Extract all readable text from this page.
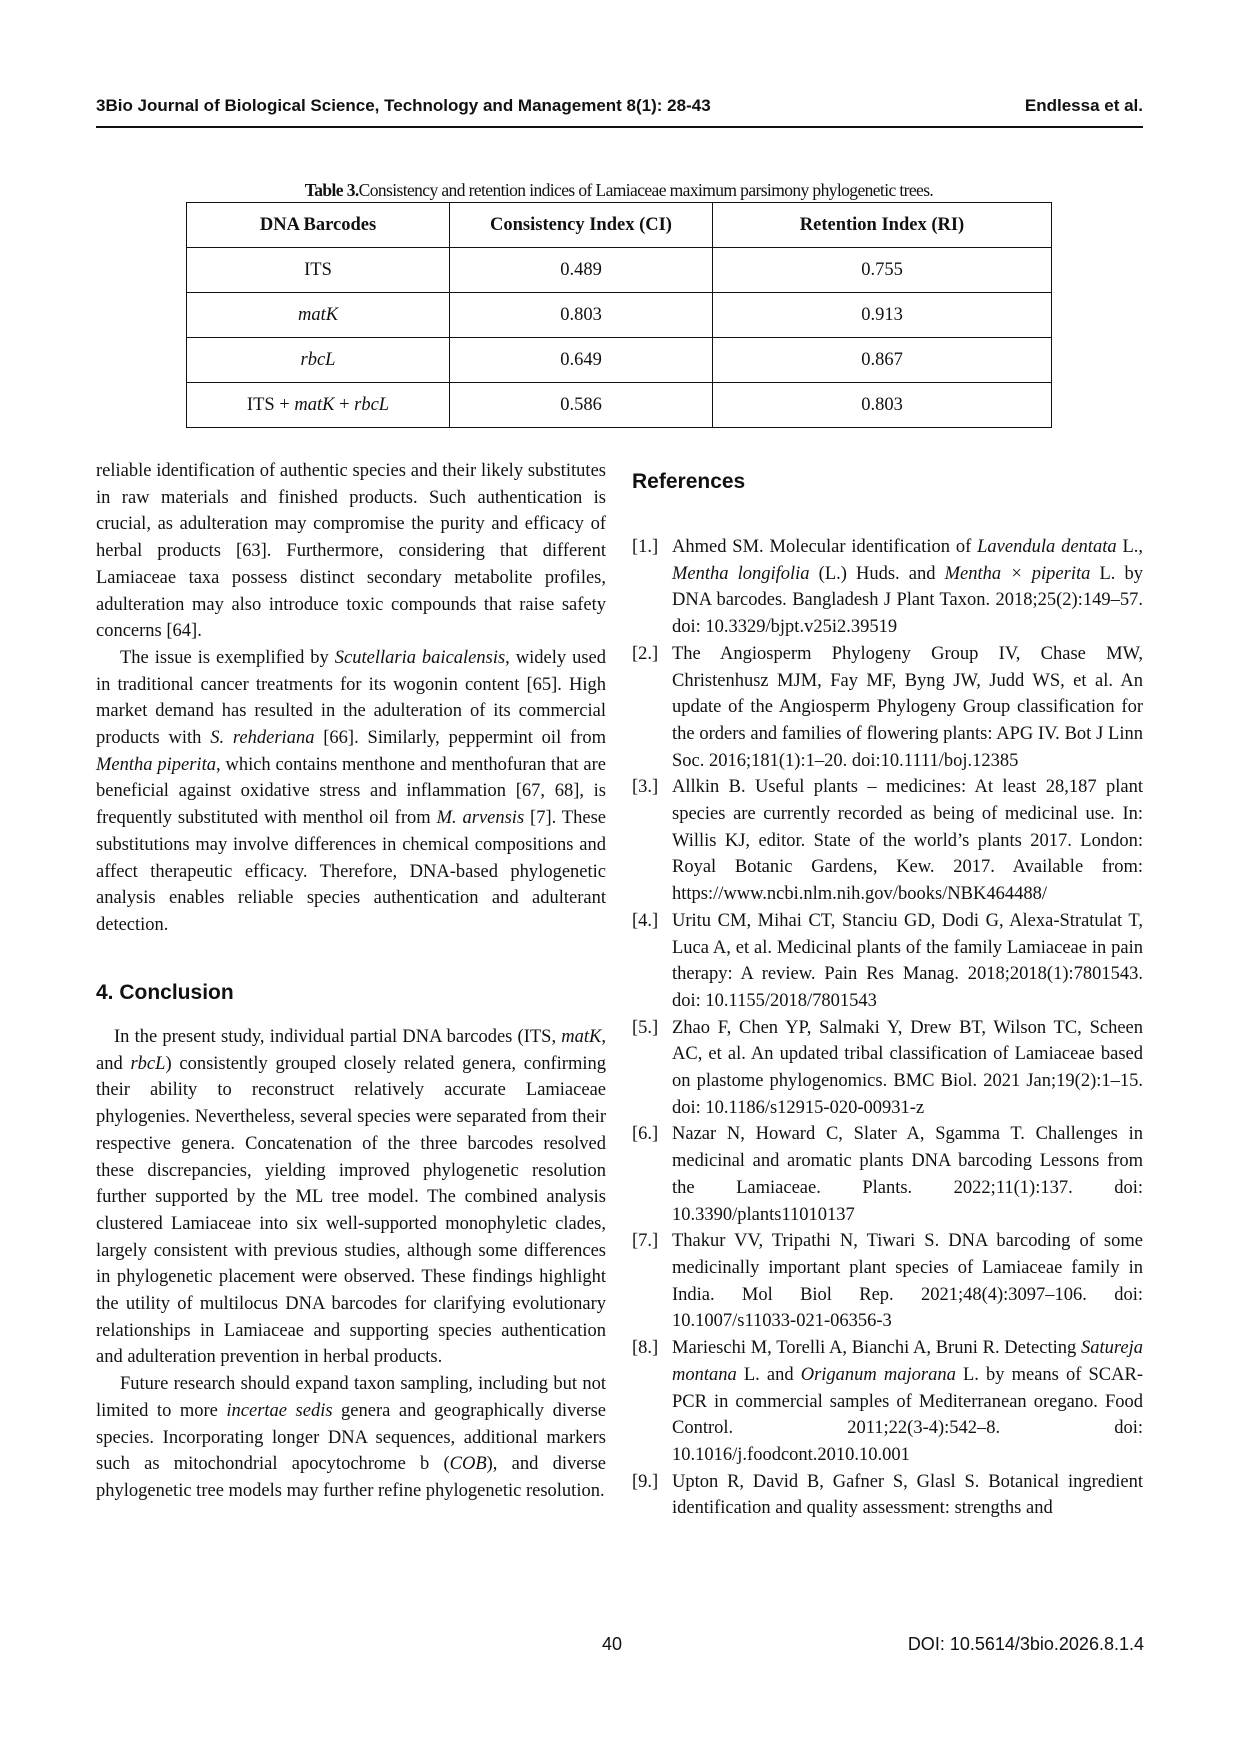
3Bio Journal of Biological Science, Technology and Management 8(1): 28-43	Endlessa et al.
Table 3.Consistency and retention indices of Lamiaceae maximum parsimony phylogenetic trees.
DNA Barcodes	Consistency Index (CI)	Retention Index (RI)
ITS	0.489	0.755
matK	0.803	0.913
rbcL	0.649	0.867
ITS + matK + rbcL	0.586	0.803

reliable identification of authentic species and their likely substitutes in raw materials and finished products. Such authentication is crucial, as adulteration may compromise the purity and efficacy of herbal products [63]. Furthermore, considering that different Lamiaceae taxa possess distinct secondary metabolite profiles, adulteration may also introduce toxic compounds that raise safety concerns [64].

The issue is exemplified by Scutellaria baicalensis, widely used in traditional cancer treatments for its wogonin content [65]. High market demand has resulted in the adulteration of its commercial products with S. rehderiana [66]. Similarly, peppermint oil from Mentha piperita, which contains menthone and menthofuran that are beneficial against oxidative stress and inflammation [67, 68], is frequently substituted with menthol oil from M. arvensis [7]. These substitutions may involve differences in chemical compositions and affect therapeutic efficacy. Therefore, DNA-based phylogenetic analysis enables reliable species authentication and adulterant detection.

4. Conclusion

In the present study, individual partial DNA barcodes (ITS, matK, and rbcL) consistently grouped closely related genera, confirming their ability to reconstruct relatively accurate Lamiaceae phylogenies. Nevertheless, several species were separated from their respective genera. Concatenation of the three barcodes resolved these discrepancies, yielding improved phylogenetic resolution further supported by the ML tree model. The combined analysis clustered Lamiaceae into six well-supported monophyletic clades, largely consistent with previous studies, although some differences in phylogenetic placement were observed. These findings highlight the utility of multilocus DNA barcodes for clarifying evolutionary relationships in Lamiaceae and supporting species authentication and adulteration prevention in herbal products.

Future research should expand taxon sampling, including but not limited to more incertae sedis genera and geographically diverse species. Incorporating longer DNA sequences, additional markers such as mitochondrial apocytochrome b (COB), and diverse phylogenetic tree models may further refine phylogenetic resolution.

References

[1.] Ahmed SM. Molecular identification of Lavendula dentata L., Mentha longifolia (L.) Huds. and Mentha × piperita L. by DNA barcodes. Bangladesh J Plant Taxon. 2018;25(2):149–57. doi: 10.3329/bjpt.v25i2.39519

[2.] The Angiosperm Phylogeny Group IV, Chase MW, Christenhusz MJM, Fay MF, Byng JW, Judd WS, et al. An update of the Angiosperm Phylogeny Group classification for the orders and families of flowering plants: APG IV. Bot J Linn Soc. 2016;181(1):1–20. doi:10.1111/boj.12385

[3.] Allkin B. Useful plants – medicines: At least 28,187 plant species are currently recorded as being of medicinal use. In: Willis KJ, editor. State of the world’s plants 2017. London: Royal Botanic Gardens, Kew. 2017. Available from: https://www.ncbi.nlm.nih.gov/books/NBK464488/

[4.] Uritu CM, Mihai CT, Stanciu GD, Dodi G, Alexa-Stratulat T, Luca A, et al. Medicinal plants of the family Lamiaceae in pain therapy: A review. Pain Res Manag. 2018;2018(1):7801543. doi: 10.1155/2018/7801543

[5.] Zhao F, Chen YP, Salmaki Y, Drew BT, Wilson TC, Scheen AC, et al. An updated tribal classification of Lamiaceae based on plastome phylogenomics. BMC Biol. 2021 Jan;19(2):1–15. doi: 10.1186/s12915-020-00931-z

[6.] Nazar N, Howard C, Slater A, Sgamma T. Challenges in medicinal and aromatic plants DNA barcoding Lessons from the Lamiaceae. Plants. 2022;11(1):137. doi: 10.3390/plants11010137

[7.] Thakur VV, Tripathi N, Tiwari S. DNA barcoding of some medicinally important plant species of Lamiaceae family in India. Mol Biol Rep. 2021;48(4):3097–106. doi: 10.1007/s11033-021-06356-3

[8.] Marieschi M, Torelli A, Bianchi A, Bruni R. Detecting Satureja montana L. and Origanum majorana L. by means of SCAR-PCR in commercial samples of Mediterranean oregano. Food Control. 2011;22(3-4):542–8. doi: 10.1016/j.foodcont.2010.10.001

[9.] Upton R, David B, Gafner S, Glasl S. Botanical ingredient identification and quality assessment: strengths and

40	DOI: 10.5614/3bio.2026.8.1.4
